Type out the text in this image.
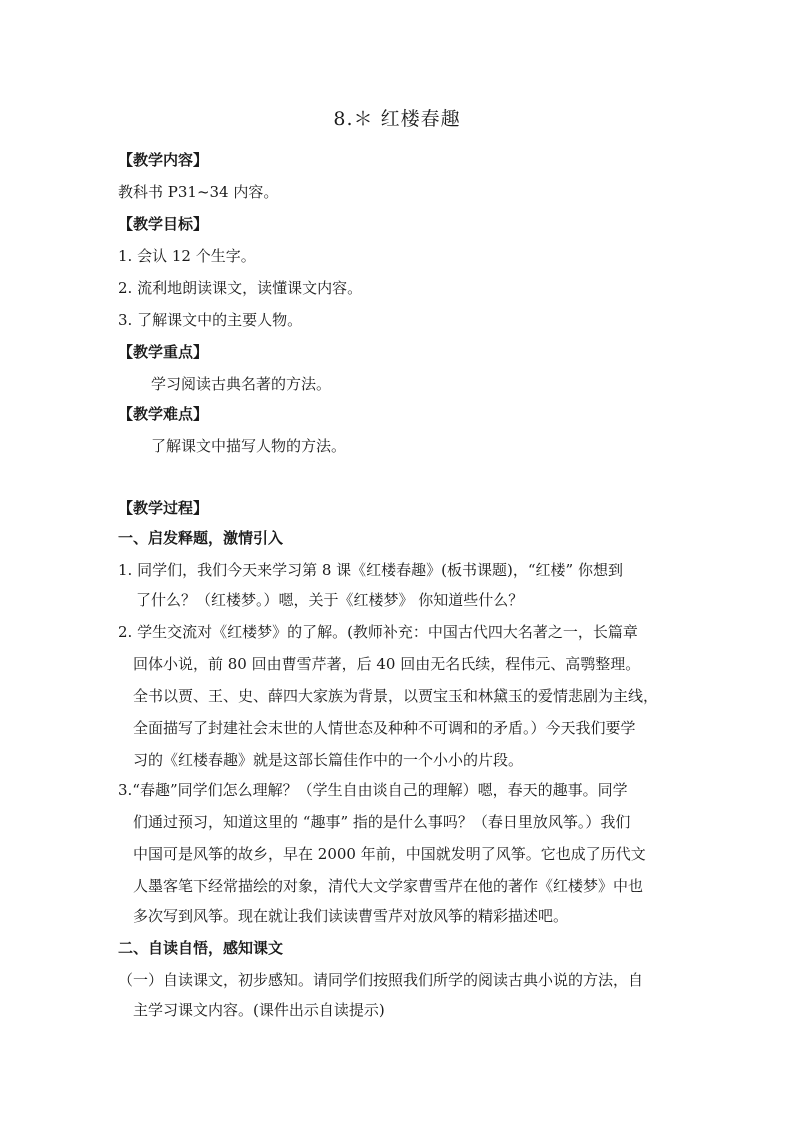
8.＊ 红楼春趣
【教学内容】
教科书 P31~34 内容。
【教学目标】
1. 会认 12 个生字。
2. 流利地朗读课文，读懂课文内容。
3. 了解课文中的主要人物。
【教学重点】
学习阅读古典名著的方法。
【教学难点】
了解课文中描写人物的方法。
【教学过程】
一、启发释题，激情引入
1. 同学们，我们今天来学习第 8 课《红楼春趣》(板书课题)，“红楼” 你想到
了什么？（红楼梦。）嗯，关于《红楼梦》 你知道些什么？
2. 学生交流对《红楼梦》的了解。(教师补充：中国古代四大名著之一，长篇章
回体小说，前 80 回由曹雪芹著，后 40 回由无名氏续，程伟元、高鹗整理。
全书以贾、王、史、薛四大家族为背景，以贾宝玉和林黛玉的爱情悲剧为主线，
全面描写了封建社会末世的人情世态及种种不可调和的矛盾。）今天我们要学
习的《红楼春趣》就是这部长篇佳作中的一个小小的片段。
3.“春趣”同学们怎么理解？（学生自由谈自己的理解）嗯，春天的趣事。同学
们通过预习，知道这里的 “趣事” 指的是什么事吗？（春日里放风筝。）我们
中国可是风筝的故乡，早在 2000 年前，中国就发明了风筝。它也成了历代文
人墨客笔下经常描绘的对象，清代大文学家曹雪芹在他的著作《红楼梦》中也
多次写到风筝。现在就让我们读读曹雪芹对放风筝的精彩描述吧。
二、自读自悟，感知课文
（一）自读课文，初步感知。请同学们按照我们所学的阅读古典小说的方法，自
主学习课文内容。(课件出示自读提示)
